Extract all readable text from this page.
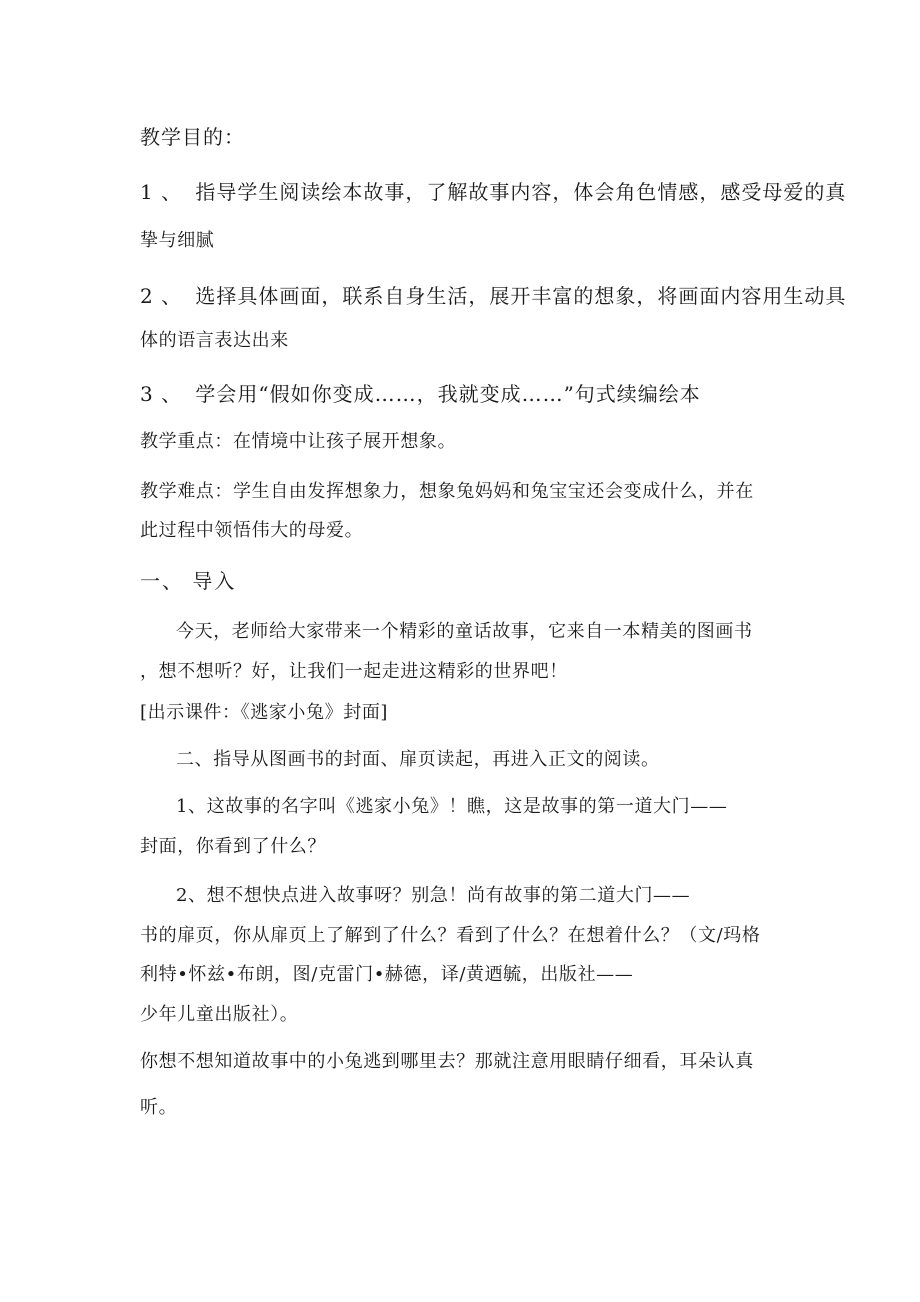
教学目的：
1 、 指导学生阅读绘本故事，了解故事内容，体会角色情感，感受母爱的真
挚与细腻
2 、 选择具体画面，联系自身生活，展开丰富的想象，将画面内容用生动具
体的语言表达出来
3 、 学会用“假如你变成……，我就变成……”句式续编绘本
教学重点：在情境中让孩子展开想象。
教学难点：学生自由发挥想象力，想象兔妈妈和兔宝宝还会变成什么，并在
此过程中领悟伟大的母爱。
一、 导入
今天，老师给大家带来一个精彩的童话故事，它来自一本精美的图画书
，想不想听？好，让我们一起走进这精彩的世界吧！
[出示课件：《逃家小兔》封面]
二、指导从图画书的封面、扉页读起，再进入正文的阅读。
1、这故事的名字叫《逃家小兔》！瞧，这是故事的第一道大门——
封面，你看到了什么？
2、想不想快点进入故事呀？别急！尚有故事的第二道大门——
书的扉页，你从扉页上了解到了什么？看到了什么？在想着什么？（文/玛格
利特•怀兹•布朗，图/克雷门•赫德，译/黄迺毓，出版社——
少年儿童出版社）。
你想不想知道故事中的小兔逃到哪里去？那就注意用眼睛仔细看，耳朵认真
听。
